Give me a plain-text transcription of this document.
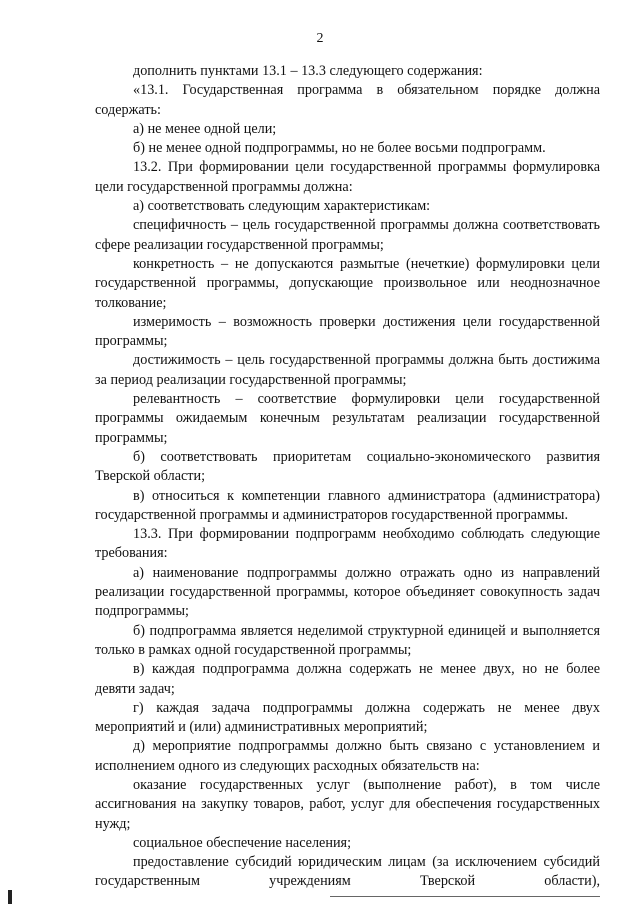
2

дополнить пунктами 13.1 – 13.3 следующего содержания:

«13.1. Государственная программа в обязательном порядке должна содержать:

а) не менее одной цели;

б) не менее одной подпрограммы, но не более восьми подпрограмм.

13.2. При формировании цели государственной программы формулировка цели государственной программы должна:

а) соответствовать следующим характеристикам:

специфичность – цель государственной программы должна соответствовать сфере реализации государственной программы;

конкретность – не допускаются размытые (нечеткие) формулировки цели государственной программы, допускающие произвольное или неоднозначное толкование;

измеримость – возможность проверки достижения цели государственной программы;

достижимость – цель государственной программы должна быть достижима за период реализации государственной программы;

релевантность – соответствие формулировки цели государственной программы ожидаемым конечным результатам реализации государственной программы;

б) соответствовать приоритетам социально-экономического развития Тверской области;

в) относиться к компетенции главного администратора (администратора) государственной программы и администраторов государственной программы.

13.3. При формировании подпрограмм необходимо соблюдать следующие требования:

а) наименование подпрограммы должно отражать одно из направлений реализации государственной программы, которое объединяет совокупность задач подпрограммы;

б) подпрограмма является неделимой структурной единицей и выполняется только в рамках одной государственной программы;

в) каждая подпрограмма должна содержать не менее двух, но не более девяти задач;

г) каждая задача подпрограммы должна содержать не менее двух мероприятий и (или) административных мероприятий;

д) мероприятие подпрограммы должно быть связано с установлением и исполнением одного из следующих расходных обязательств на:

оказание государственных услуг (выполнение работ), в том числе ассигнования на закупку товаров, работ, услуг для обеспечения государственных нужд;

социальное обеспечение населения;

предоставление субсидий юридическим лицам (за исключением субсидий государственным учреждениям Тверской области),
